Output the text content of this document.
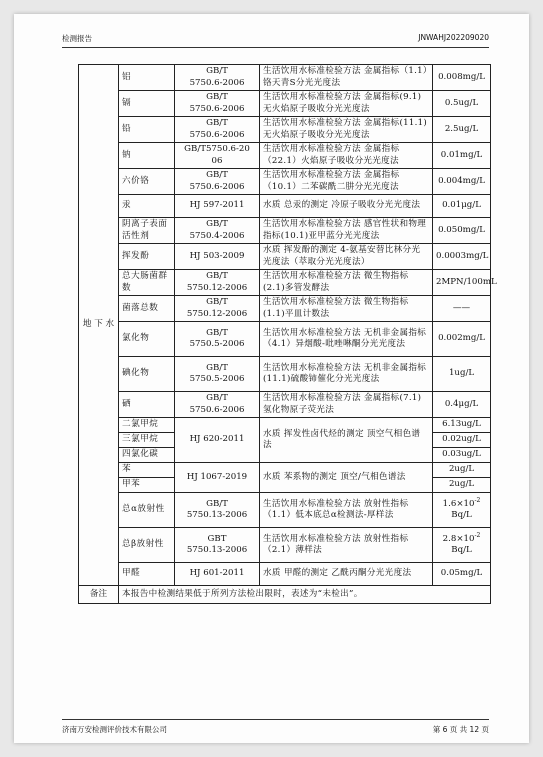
检测报告	JNWAHJ202209020
地 下 水	铝	GB/T
5750.6-2006	生活饮用水标准检验方法 金属指标（1.1）铬天青S分光光度法	0.008mg/L
	镉	GB/T
5750.6-2006	生活饮用水标准检验方法 金属指标(9.1)无火焰原子吸收分光光度法	0.5ug/L
	铅	GB/T
5750.6-2006	生活饮用水标准检验方法 金属指标(11.1)无火焰原子吸收分光光度法	2.5ug/L
	钠	GB/T5750.6-20
06	生活饮用水标准检验方法 金属指标（22.1）火焰原子吸收分光光度法	0.01mg/L
	六价铬	GB/T
5750.6-2006	生活饮用水标准检验方法 金属指标（10.1）二苯碳酰二肼分光光度法	0.004mg/L
	汞	HJ 597-2011	水质 总汞的测定 冷原子吸收分光光度法	0.01μg/L
	阴离子表面活性剂	GB/T
5750.4-2006	生活饮用水标准检验方法 感官性状和物理指标(10.1)亚甲蓝分光光度法	0.050mg/L
	挥发酚	HJ 503-2009	水质 挥发酚的测定 4-氨基安替比林分光光度法（萃取分光光度法）	0.0003mg/L
	总大肠菌群数	GB/T
5750.12-2006	生活饮用水标准检验方法 微生物指标(2.1)多管发酵法	2MPN/100mL
	菌落总数	GB/T
5750.12-2006	生活饮用水标准检验方法 微生物指标(1.1)平皿计数法	——
	氯化物	GB/T
5750.5-2006	生活饮用水标准检验方法 无机非金属指标（4.1）异烟酸-吡唑啉酮分光光度法	0.002mg/L
	碘化物	GB/T
5750.5-2006	生活饮用水标准检验方法 无机非金属指标(11.1)硫酸铈催化分光光度法	1ug/L
	硒	GB/T
5750.6-2006	生活饮用水标准检验方法 金属指标(7.1)氢化物原子荧光法	0.4μg/L
	二氯甲烷	HJ 620-2011	水质 挥发性卤代烃的测定 顶空气相色谱法	6.13ug/L
	三氯甲烷			0.02ug/L
	四氯化碳			0.03ug/L
	苯	HJ 1067-2019	水质 苯系物的测定 顶空/气相色谱法	2ug/L
	甲苯			2ug/L
	总α放射性	GB/T
5750.13-2006	生活饮用水标准检验方法 放射性指标（1.1）低本底总α检测法-厚样法	$1.6\times 10^{-2}$
Bq/L
	总β放射性	GBT
5750.13-2006	生活饮用水标准检验方法 放射性指标（2.1）薄样法	$2.8\times 10^{-2}$
Bq/L
	甲醛	HJ 601-2011	水质 甲醛的测定 乙酰丙酮分光光度法	0.05mg/L
备注	本报告中检测结果低于所列方法检出限时，表述为“未检出”。			
济南万安检测评价技术有限公司	第 6 页 共 12 页
